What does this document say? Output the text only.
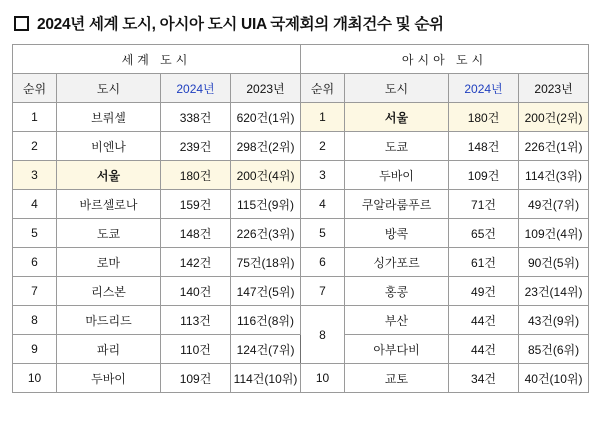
2024년 세계 도시, 아시아 도시 UIA 국제회의 개최건수 및 순위
세계 도시				아시아 도시			
순위	도시	2024년	2023년	순위	도시	2024년	2023년
1	브뤼셀	338건	620건(1위)	1	서울	180건	200건(2위)
2	비엔나	239건	298건(2위)	2	도쿄	148건	226건(1위)
3	서울	180건	200건(4위)	3	두바이	109건	114건(3위)
4	바르셀로나	159건	115건(9위)	4	쿠알라룸푸르	71건	49건(7위)
5	도쿄	148건	226건(3위)	5	방콕	65건	109건(4위)
6	로마	142건	75건(18위)	6	싱가포르	61건	90건(5위)
7	리스본	140건	147건(5위)	7	홍콩	49건	23건(14위)
8	마드리드	113건	116건(8위)	8	부산	44건	43건(9위)
9	파리	110건	124건(7위)		아부다비	44건	85건(6위)
10	두바이	109건	114건(10위)	10	교토	34건	40건(10위)
